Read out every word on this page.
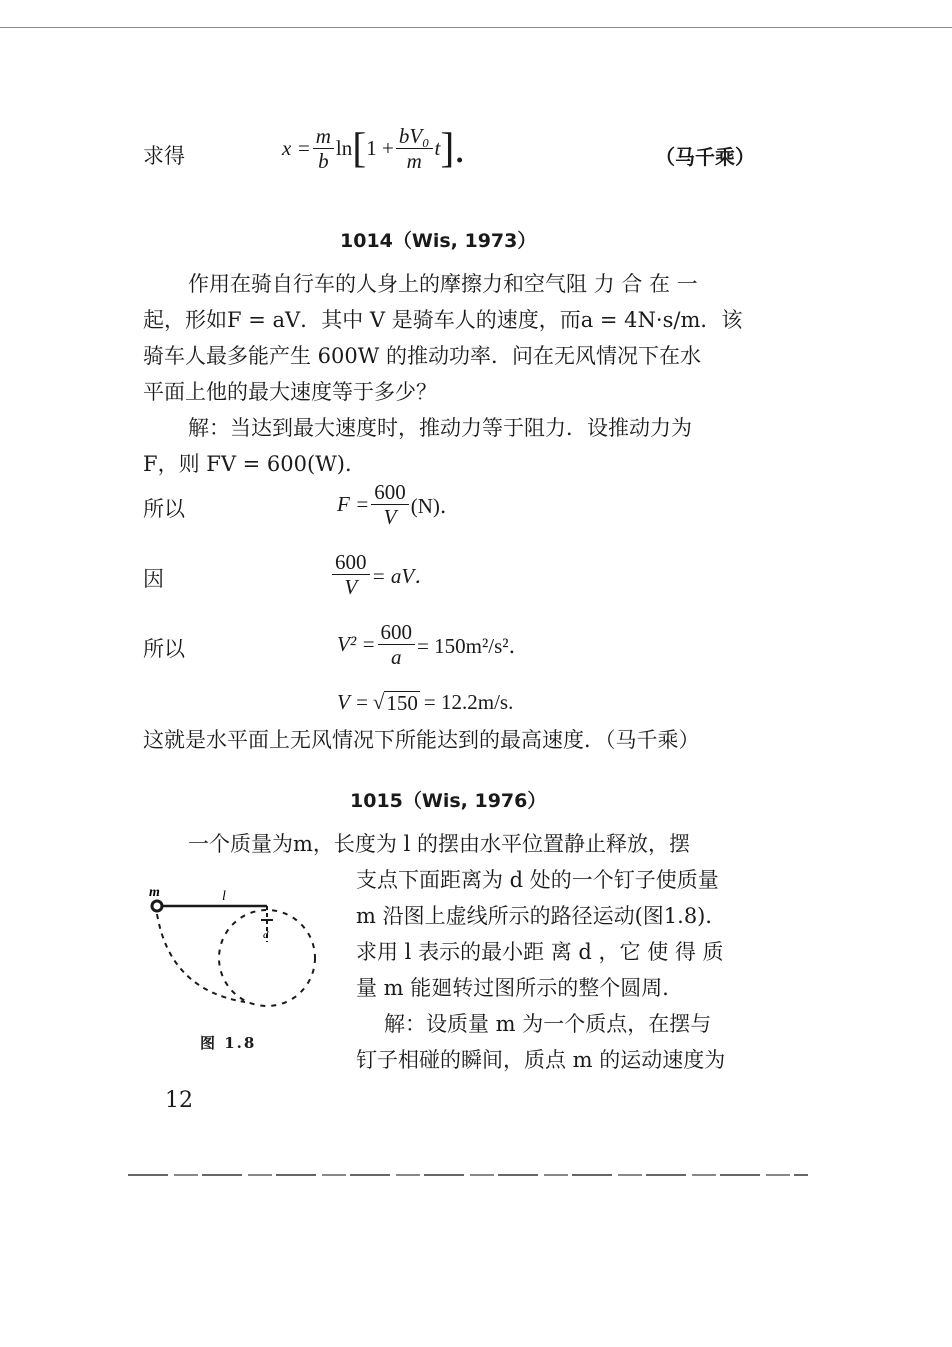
求得	$x = \frac{m}{b}$ ln [ $1 + \frac{\text{bV₀}}{m}$ t ].	（马千乘）
1014（Wis, 1973）
作用在骑自行车的人身上的摩擦力和空气阻 力 合 在 一
起，形如F = aV．其中 V 是骑车人的速度，而a = 4N·s/m．该
骑车人最多能产生 600W 的推动功率．问在无风情况下在水
平面上他的最大速度等于多少？
解：当达到最大速度时，推动力等于阻力．设推动力为
F，则 FV = 600(W)．
所以	$F = \frac{600}{V} (N)$．
因	$\frac{600}{V}$ = aV．
所以	$V^2 = \frac{600}{a} = 150m^2/s^2$．
V = √ 150 = 12.2m/s.
这就是水平面上无风情况下所能达到的最高速度．（马千乘）
1015（Wis, 1976）
一个质量为m，长度为 l 的摆由水平位置静止释放，摆
支点下面距离为 d 处的一个钉子使质量
m 沿图上虚线所示的路径运动(图1.8)．
求用 l 表示的最小距 离 d ，它 使 得 质
量 m 能廻转过图所示的整个圆周．
解：设质量 m 为一个质点，在摆与
钉子相碰的瞬间，质点 m 的运动速度为
m	l
d
图 1.8
12
